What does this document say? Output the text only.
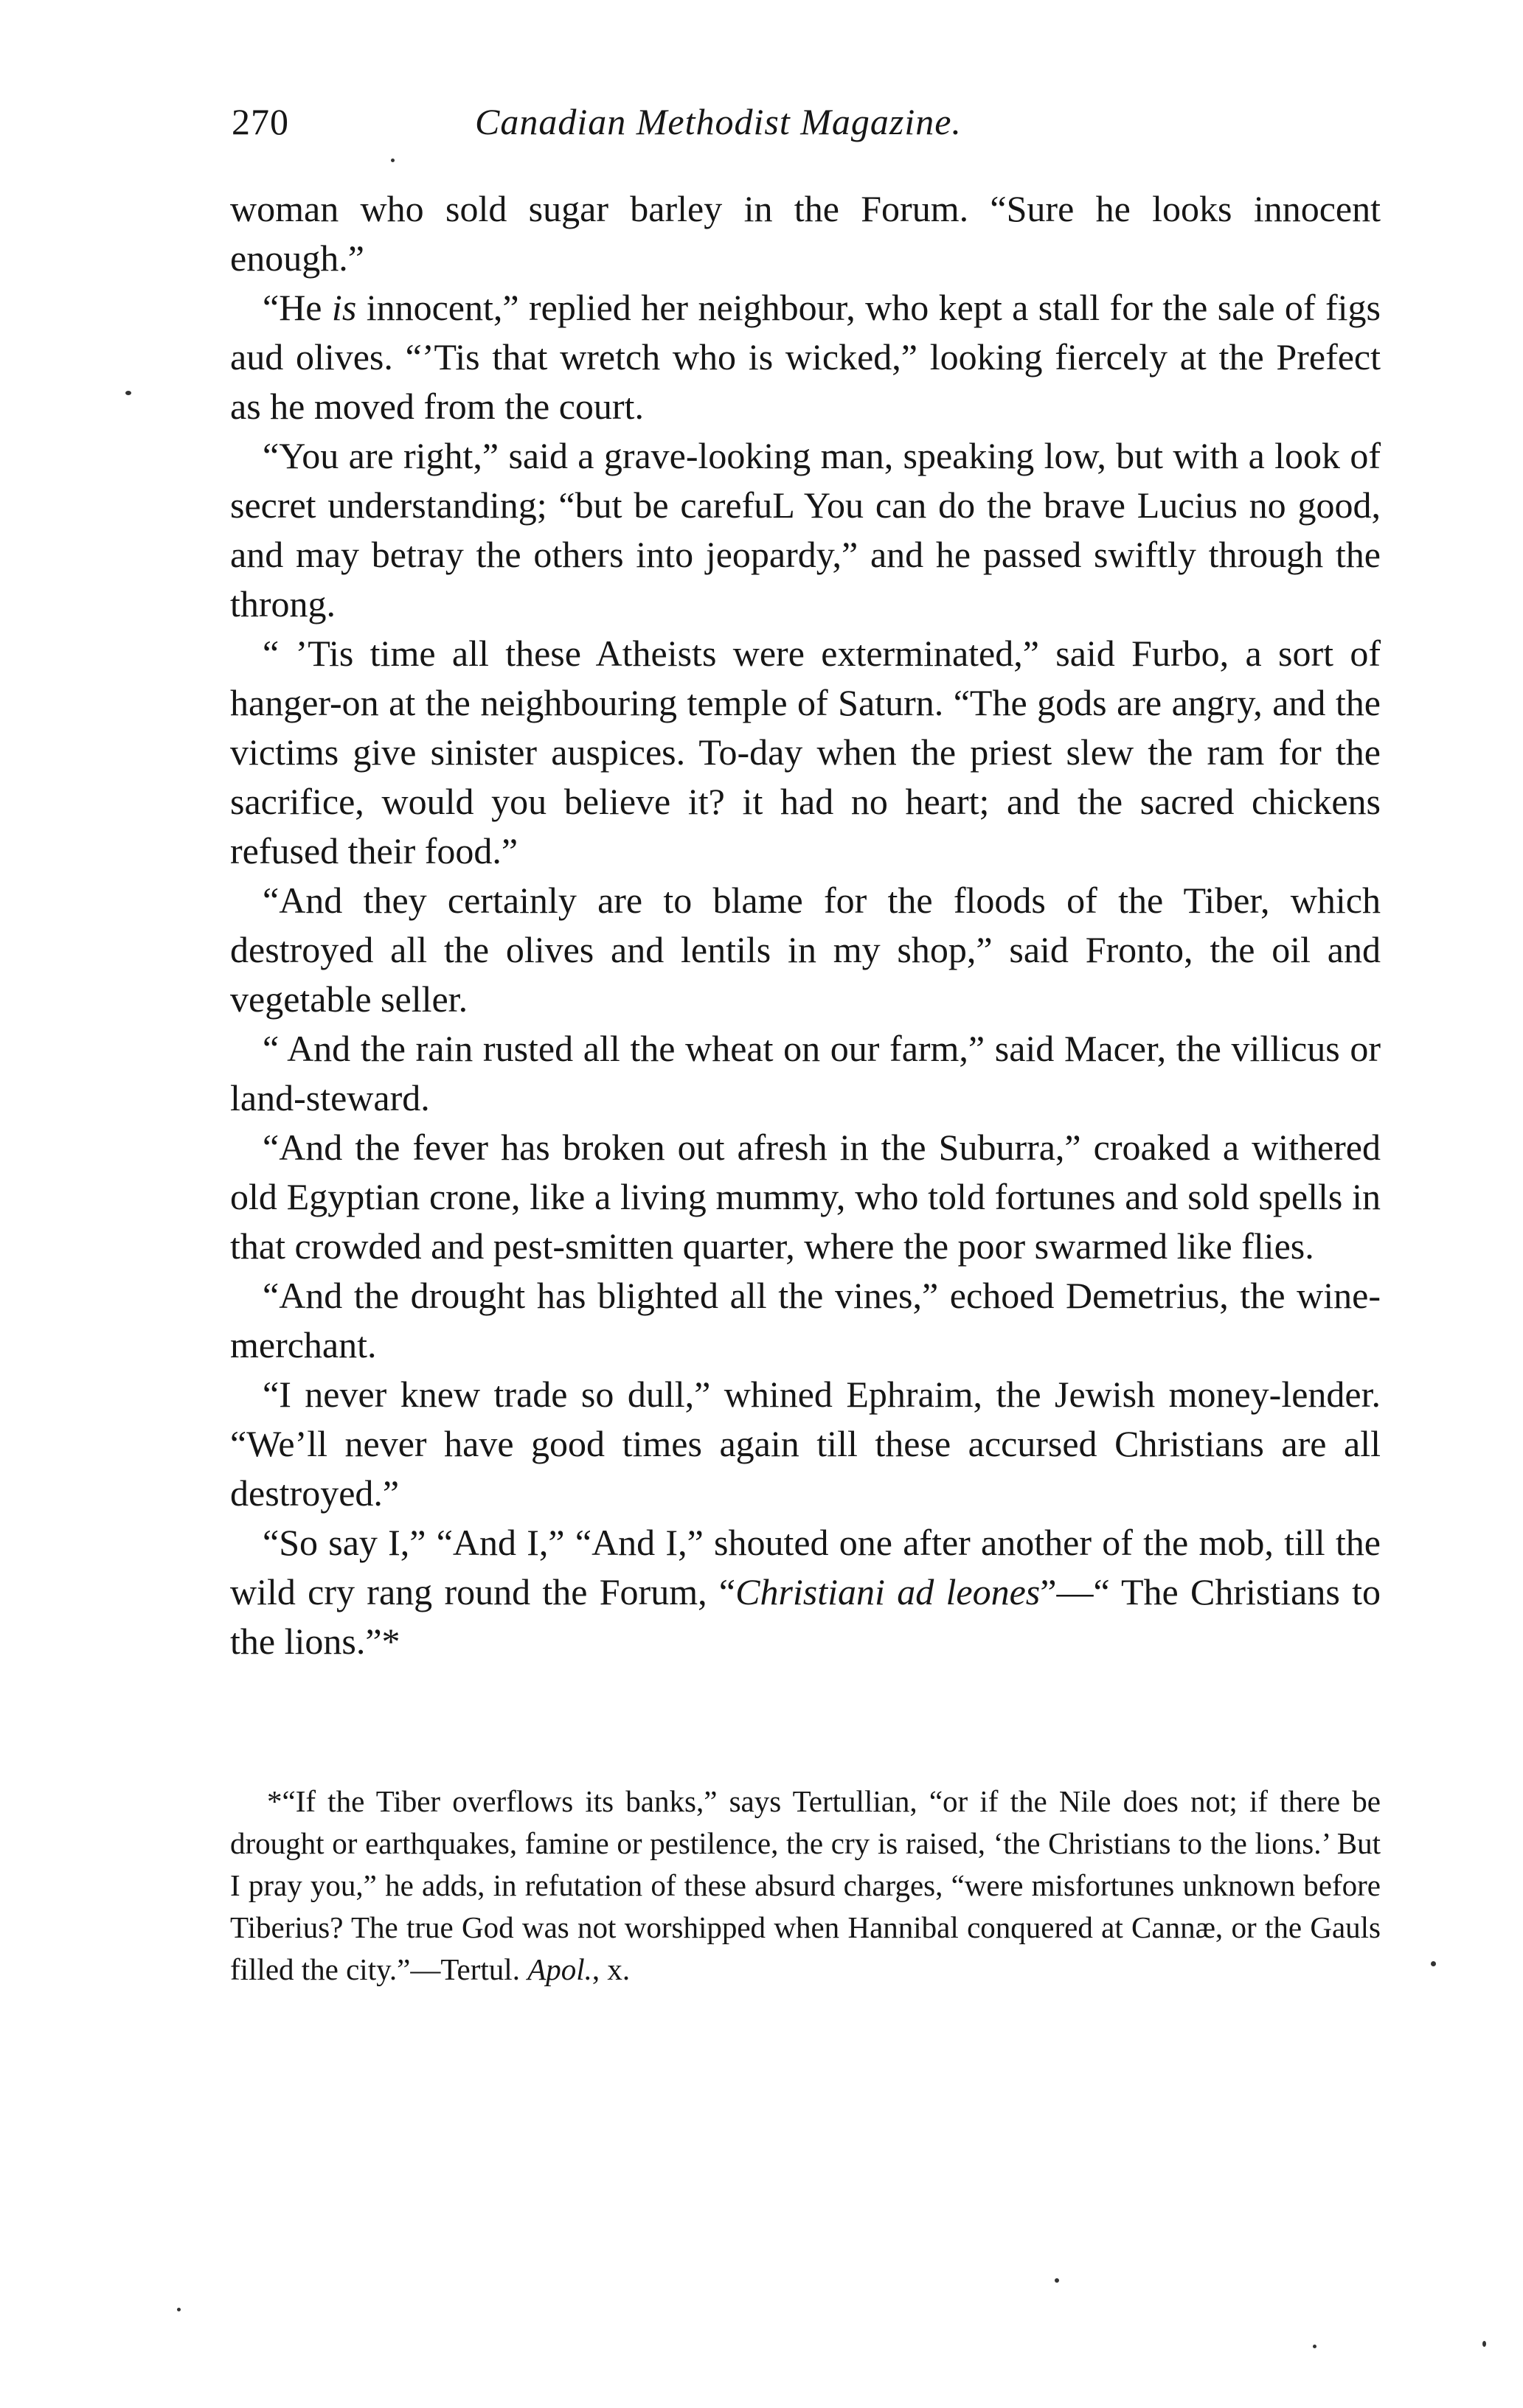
270	Canadian Methodist Magazine.

woman who sold sugar barley in the Forum. “Sure he looks innocent enough.”

“He is innocent,” replied her neighbour, who kept a stall for the sale of figs aud olives. “’Tis that wretch who is wicked,” looking fiercely at the Prefect as he moved from the court.

“You are right,” said a grave-looking man, speaking low, but with a look of secret understanding; “but be carefuL You can do the brave Lucius no good, and may betray the others into jeopardy,” and he passed swiftly through the throng.

“ ’Tis time all these Atheists were exterminated,” said Furbo, a sort of hanger-on at the neighbouring temple of Saturn. “The gods are angry, and the victims give sinister auspices. To-day when the priest slew the ram for the sacrifice, would you believe it? it had no heart; and the sacred chickens refused their food.”

“And they certainly are to blame for the floods of the Tiber, which destroyed all the olives and lentils in my shop,” said Fronto, the oil and vegetable seller.

“ And the rain rusted all the wheat on our farm,” said Macer, the villicus or land-steward.

“And the fever has broken out afresh in the Suburra,” croaked a withered old Egyptian crone, like a living mummy, who told fortunes and sold spells in that crowded and pest-smitten quarter, where the poor swarmed like flies.

“And the drought has blighted all the vines,” echoed Demetrius, the wine-merchant.

“I never knew trade so dull,” whined Ephraim, the Jewish money-lender. “We’ll never have good times again till these accursed Christians are all destroyed.”

“So say I,” “And I,” “And I,” shouted one after another of the mob, till the wild cry rang round the Forum, “Christiani ad leones”—“ The Christians to the lions.”*

*“If the Tiber overflows its banks,” says Tertullian, “or if the Nile does not; if there be drought or earthquakes, famine or pestilence, the cry is raised, ‘the Christians to the lions.’ But I pray you,” he adds, in refutation of these absurd charges, “were misfortunes unknown before Tiberius? The true God was not worshipped when Hannibal conquered at Cannæ, or the Gauls filled the city.”—Tertul. Apol., x.
